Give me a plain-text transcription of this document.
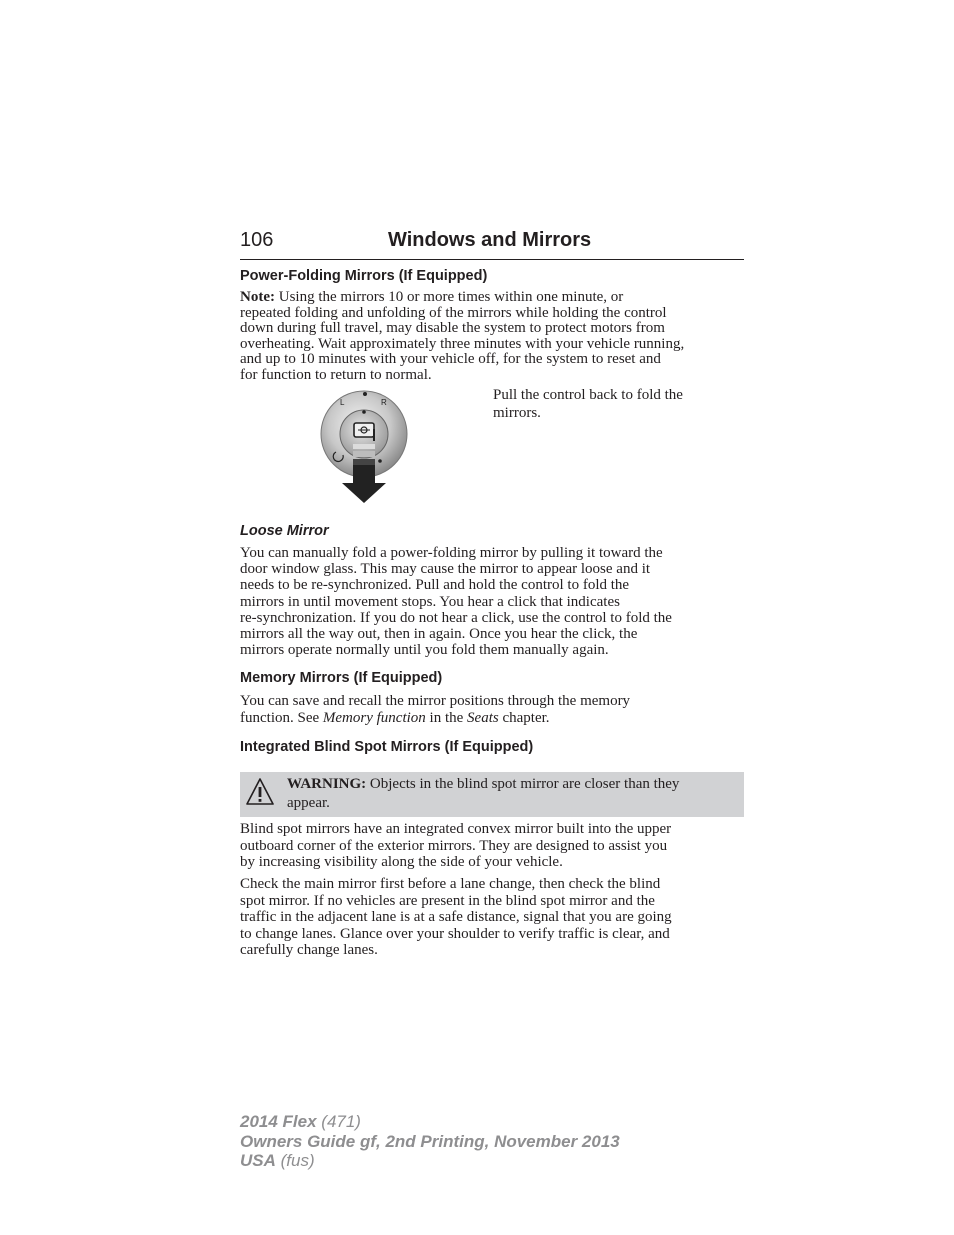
106	Windows and Mirrors
Power-Folding Mirrors (If Equipped)
Note: Using the mirrors 10 or more times within one minute, or
repeated folding and unfolding of the mirrors while holding the control
down during full travel, may disable the system to protect motors from
overheating. Wait approximately three minutes with your vehicle running,
and up to 10 minutes with your vehicle off, for the system to reset and
for function to return to normal.
L	R	Pull the control back to fold the
mirrors.
Loose Mirror
You can manually fold a power-folding mirror by pulling it toward the
door window glass. This may cause the mirror to appear loose and it
needs to be re-synchronized. Pull and hold the control to fold the
mirrors in until movement stops. You hear a click that indicates
re-synchronization. If you do not hear a click, use the control to fold the
mirrors all the way out, then in again. Once you hear the click, the
mirrors operate normally until you fold them manually again.
Memory Mirrors (If Equipped)
You can save and recall the mirror positions through the memory
function. See Memory function in the Seats chapter.
Integrated Blind Spot Mirrors (If Equipped)
WARNING: Objects in the blind spot mirror are closer than they
appear.
Blind spot mirrors have an integrated convex mirror built into the upper
outboard corner of the exterior mirrors. They are designed to assist you
by increasing visibility along the side of your vehicle.
Check the main mirror first before a lane change, then check the blind
spot mirror. If no vehicles are present in the blind spot mirror and the
traffic in the adjacent lane is at a safe distance, signal that you are going
to change lanes. Glance over your shoulder to verify traffic is clear, and
carefully change lanes.
2014 Flex (471)
Owners Guide gf, 2nd Printing, November 2013
USA (fus)
